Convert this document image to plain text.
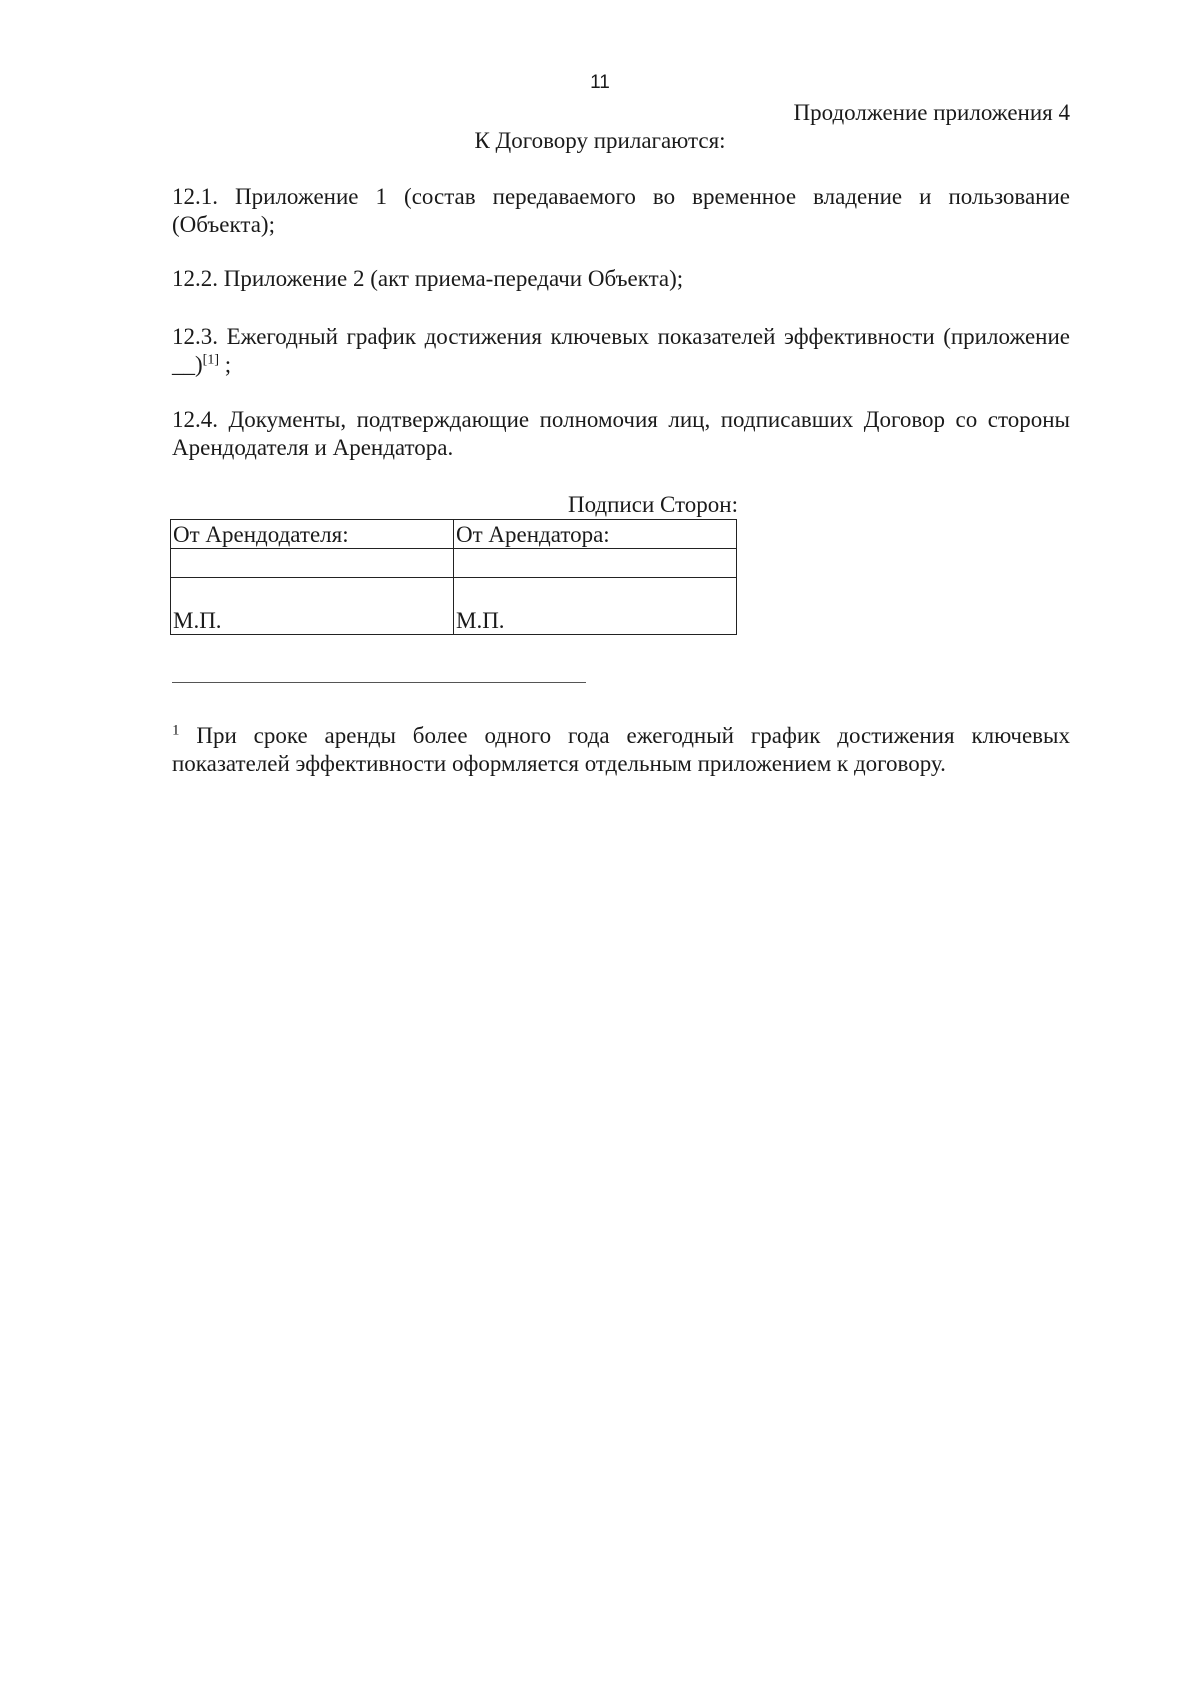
11
Продолжение приложения 4
К Договору прилагаются:

12.1. Приложение 1 (состав передаваемого во временное владение и пользование (Объекта);

12.2. Приложение 2 (акт приема-передачи Объекта);

12.3. Ежегодный график достижения ключевых показателей эффективности (приложение __)[1] ;

12.4. Документы, подтверждающие полномочия лиц, подписавших Договор со стороны Арендодателя и Арендатора.

Подписи Сторон:
От Арендодателя:	От Арендатора:

М.П.	М.П.

$^1$ При сроке аренды более одного года ежегодный график достижения ключевых показателей эффективности оформляется отдельным приложением к договору.
